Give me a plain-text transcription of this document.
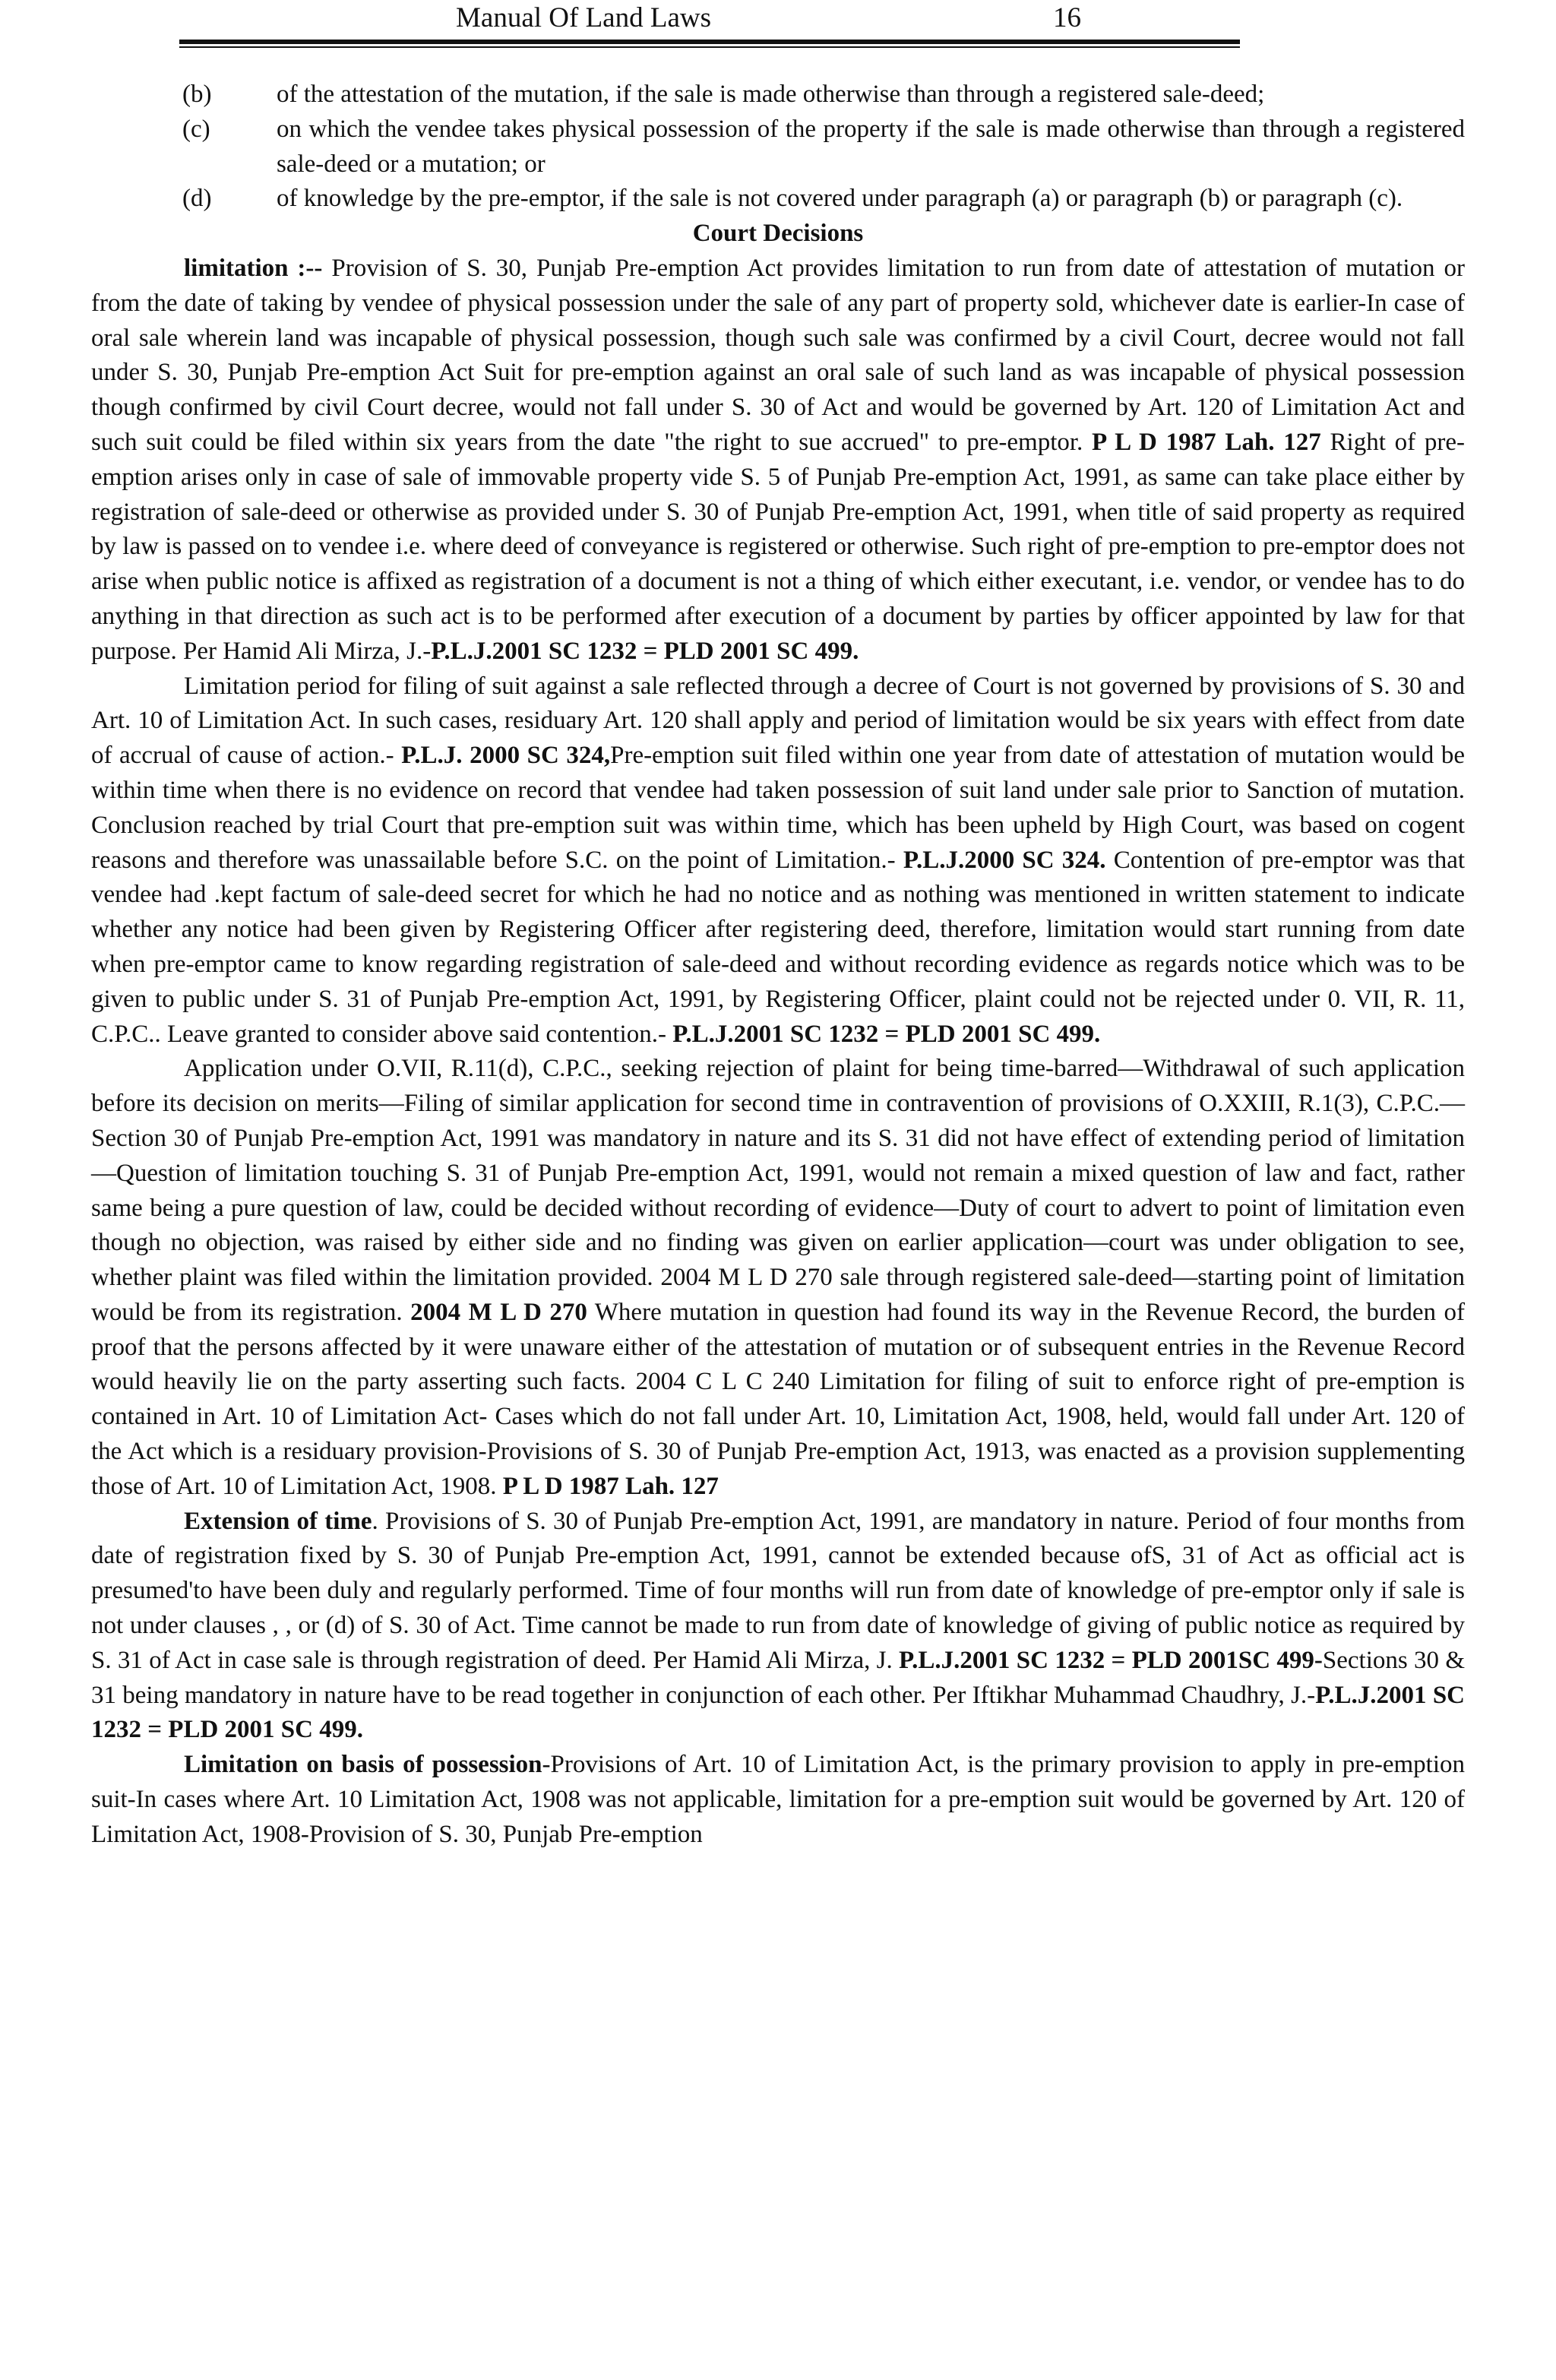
Manual Of Land Laws	16
(b)	of the attestation of the mutation, if the sale is made otherwise than through a registered sale-deed;
(c)	on which the vendee takes physical possession of the property if the sale is made otherwise than through a registered sale-deed or a mutation; or
(d)	of knowledge by the pre-emptor, if the sale is not covered under paragraph (a) or paragraph (b) or paragraph (c).
Court Decisions

limitation :-- Provision of S. 30, Punjab Pre-emption Act provides limitation to run from date of attestation of mutation or from the date of taking by vendee of physical possession under the sale of any part of property sold, whichever date is earlier-In case of oral sale wherein land was incapable of physical possession, though such sale was confirmed by a civil Court, decree would not fall under S. 30, Punjab Pre-emption Act Suit for pre-emption against an oral sale of such land as was incapable of physical possession though confirmed by civil Court decree, would not fall under S. 30 of Act and would be governed by Art. 120 of Limitation Act and such suit could be filed within six years from the date "the right to sue accrued" to pre-emptor. P L D 1987 Lah. 127 Right of pre-emption arises only in case of sale of immovable property vide S. 5 of Punjab Pre-emption Act, 1991, as same can take place either by registration of sale-deed or otherwise as provided under S. 30 of Punjab Pre-emption Act, 1991, when title of said property as required by law is passed on to vendee i.e. where deed of conveyance is registered or otherwise. Such right of pre-emption to pre-emptor does not arise when public notice is affixed as registration of a document is not a thing of which either executant, i.e. vendor, or vendee has to do anything in that direction as such act is to be performed after execution of a document by parties by officer appointed by law for that purpose. Per Hamid Ali Mirza, J.-P.L.J.2001 SC 1232 = PLD 2001 SC 499.

Limitation period for filing of suit against a sale reflected through a decree of Court is not governed by provisions of S. 30 and Art. 10 of Limitation Act. In such cases, residuary Art. 120 shall apply and period of limitation would be six years with effect from date of accrual of cause of action.- P.L.J. 2000 SC 324,Pre-emption suit filed within one year from date of attestation of mutation would be within time when there is no evidence on record that vendee had taken possession of suit land under sale prior to Sanction of mutation. Conclusion reached by trial Court that pre-emption suit was within time, which has been upheld by High Court, was based on cogent reasons and therefore was unassailable before S.C. on the point of Limitation.- P.L.J.2000 SC 324. Contention of pre-emptor was that vendee had .kept factum of sale-deed secret for which he had no notice and as nothing was mentioned in written statement to indicate whether any notice had been given by Registering Officer after registering deed, therefore, limitation would start running from date when pre-emptor came to know regarding registration of sale-deed and without recording evidence as regards notice which was to be given to public under S. 31 of Punjab Pre-emption Act, 1991, by Registering Officer, plaint could not be rejected under 0. VII, R. 11, C.P.C.. Leave granted to consider above said contention.- P.L.J.2001 SC 1232 = PLD 2001 SC 499.

Application under O.VII, R.11(d), C.P.C., seeking rejection of plaint for being time-barred—Withdrawal of such application before its decision on merits—Filing of similar application for second time in contravention of provisions of O.XXIII, R.1(3), C.P.C.—Section 30 of Punjab Pre-emption Act, 1991 was mandatory in nature and its S. 31 did not have effect of extending period of limitation—Question of limitation touching S. 31 of Punjab Pre-emption Act, 1991, would not remain a mixed question of law and fact, rather same being a pure question of law, could be decided without recording of evidence—Duty of court to advert to point of limitation even though no objection, was raised by either side and no finding was given on earlier application—court was under obligation to see, whether plaint was filed within the limitation provided. 2004 M L D 270 sale through registered sale-deed—starting point of limitation would be from its registration. 2004 M L D 270 Where mutation in question had found its way in the Revenue Record, the burden of proof that the persons affected by it were unaware either of the attestation of mutation or of subsequent entries in the Revenue Record would heavily lie on the party asserting such facts. 2004 C L C 240 Limitation for filing of suit to enforce right of pre-emption is contained in Art. 10 of Limitation Act- Cases which do not fall under Art. 10, Limitation Act, 1908, held, would fall under Art. 120 of the Act which is a residuary provision-Provisions of S. 30 of Punjab Pre-emption Act, 1913, was enacted as a provision supplementing those of Art. 10 of Limitation Act, 1908. P L D 1987 Lah. 127

Extension of time. Provisions of S. 30 of Punjab Pre-emption Act, 1991, are mandatory in nature. Period of four months from date of registration fixed by S. 30 of Punjab Pre-emption Act, 1991, cannot be extended because ofS, 31 of Act as official act is presumed'to have been duly and regularly performed. Time of four months will run from date of knowledge of pre-emptor only if sale is not under clauses , , or (d) of S. 30 of Act. Time cannot be made to run from date of knowledge of giving of public notice as required by S. 31 of Act in case sale is through registration of deed. Per Hamid Ali Mirza, J. P.L.J.2001 SC 1232 = PLD 2001SC 499-Sections 30 & 31 being mandatory in nature have to be read together in conjunction of each other. Per Iftikhar Muhammad Chaudhry, J.-P.L.J.2001 SC 1232 = PLD 2001 SC 499.

Limitation on basis of possession-Provisions of Art. 10 of Limitation Act, is the primary provision to apply in pre-emption suit-In cases where Art. 10 Limitation Act, 1908 was not applicable, limitation for a pre-emption suit would be governed by Art. 120 of Limitation Act, 1908-Provision of S. 30, Punjab Pre-emption
